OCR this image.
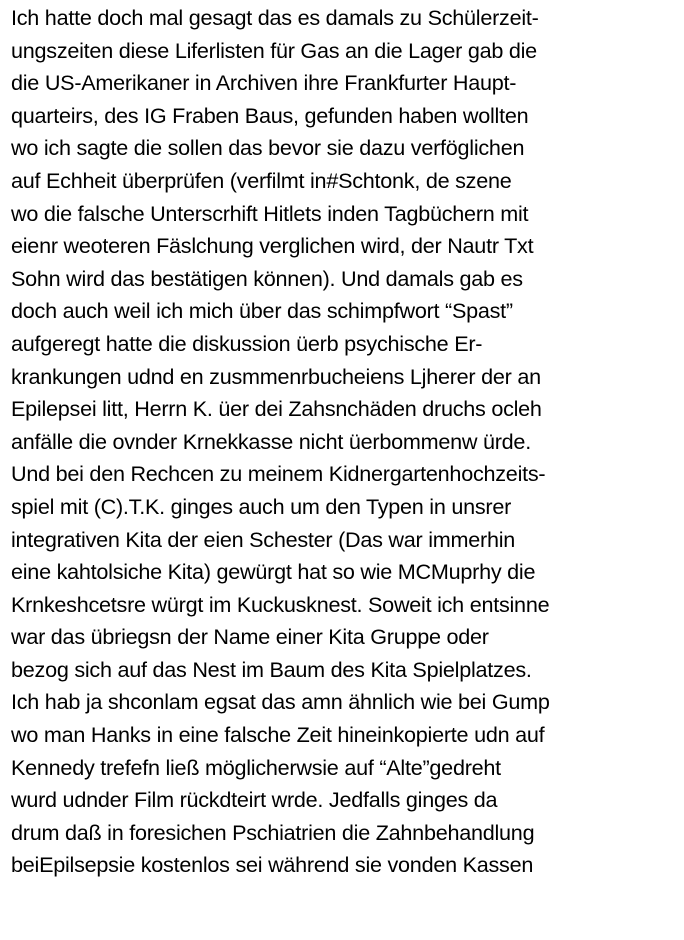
Ich hatte doch mal gesagt das es damals zu Schülerzeit-
ungszeiten diese Liferlisten für Gas an die Lager gab die
die US-Amerikaner in Archiven ihre Frankfurter Haupt-
quarteirs, des IG Fraben Baus, gefunden haben wollten
wo ich sagte die sollen das bevor sie dazu verföglichen
auf Echheit überprüfen (verfilmt in#Schtonk, de szene
wo die falsche Unterscrhift Hitlets inden Tagbüchern mit
eienr weoteren Fäslchung verglichen wird, der Nautr Txt
Sohn wird das bestätigen können). Und damals gab es
doch auch weil ich mich über das schimpfwort “Spast”
aufgeregt hatte die diskussion üerb psychische Er-
krankungen udnd en zusmmenrbucheiens Ljherer der an
Epilepsei litt, Herrn K. üer dei Zahsnchäden druchs ocleh
anfälle die ovnder Krnekkasse nicht üerbommenw ürde.
Und bei den Rechcen zu meinem Kidnergartenhochzeits-
spiel mit (C).T.K. ginges auch um den Typen in unsrer
integrativen Kita der eien Schester (Das war immerhin
eine kahtolsiche Kita) gewürgt hat so wie MCMuprhy die
Krnkeshcetsre würgt im Kuckusknest. Soweit ich entsinne
war das übriegsn der Name einer Kita Gruppe oder
bezog sich auf das Nest im Baum des Kita Spielplatzes.
Ich hab ja shconlam egsat das amn ähnlich wie bei Gump
wo man Hanks in eine falsche Zeit hineinkopierte udn auf
Kennedy trefefn ließ möglicherwsie auf “Alte”gedreht
wurd udnder Film rückdteirt wrde. Jedfalls ginges da
drum daß in foresichen Pschiatrien die Zahnbehandlung
beiEpilsepsie kostenlos sei während sie vonden Kassen
